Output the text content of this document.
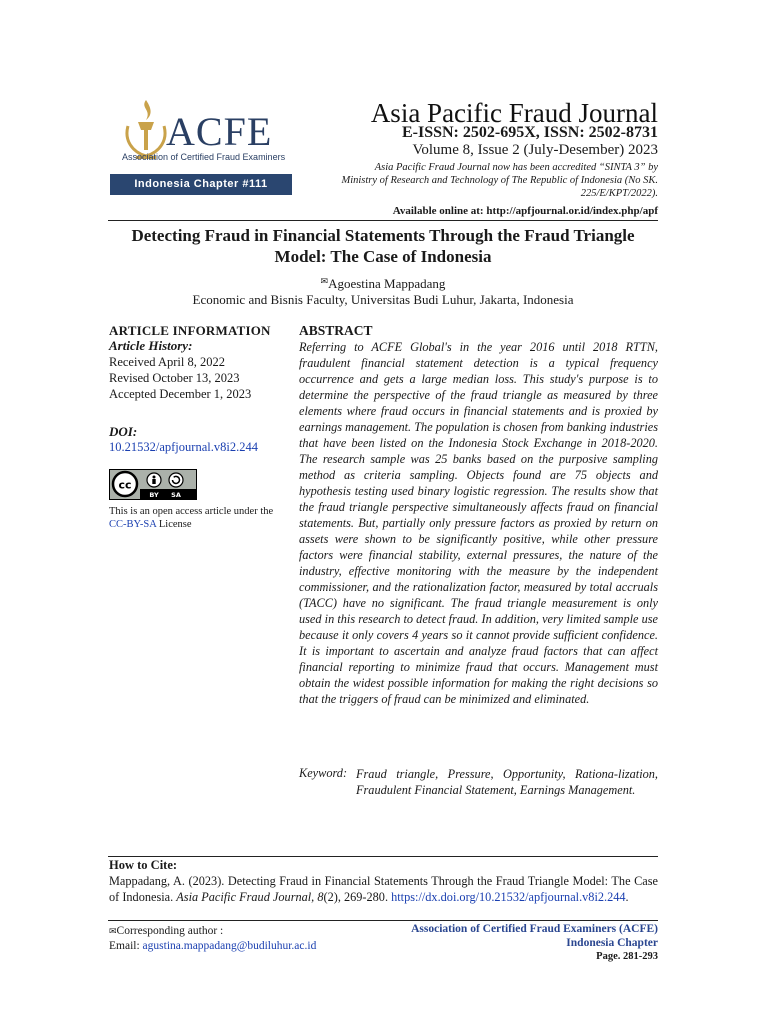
ACFE
Association of Certified Fraud Examiners
Indonesia Chapter #111
Asia Pacific Fraud Journal
E-ISSN: 2502-695X, ISSN: 2502-8731
Volume 8, Issue 2 (July-Desember) 2023
Asia Pacific Fraud Journal now has been accredited “SINTA 3” by Ministry of Research and Technology of The Republic of Indonesia (No SK. 225/E/KPT/2022).
Available online at: http://apfjournal.or.id/index.php/apf
Detecting Fraud in Financial Statements Through the Fraud Triangle Model: The Case of Indonesia
✉Agoestina Mappadang
Economic and Bisnis Faculty, Universitas Budi Luhur, Jakarta, Indonesia
ARTICLE INFORMATION
Article History:
Received April 8, 2022
Revised October 13, 2023
Accepted December 1, 2023
DOI:
10.21532/apfjournal.v8i2.244
cc
BY SA
This is an open access article under the CC-BY-SA License
ABSTRACT
Referring to ACFE Global's in the year 2016 until 2018 RTTN, fraudulent financial statement detection is a typical frequency occurrence and gets a large median loss. This study's purpose is to determine the perspective of the fraud triangle as measured by three elements where fraud occurs in financial statements and is proxied by earnings management. The population is chosen from banking industries that have been listed on the Indonesia Stock Exchange in 2018-2020. The research sample was 25 banks based on the purposive sampling method as criteria sampling. Objects found are 75 objects and hypothesis testing used binary logistic regression. The results show that the fraud triangle perspective simultaneously affects fraud on financial statements. But, partially only pressure factors as proxied by return on assets were shown to be significantly positive, while other pressure factors were financial stability, external pressures, the nature of the industry, effective monitoring with the measure by the independent commissioner, and the rationalization factor, measured by total accruals (TACC) have no significant. The fraud triangle measurement is only used in this research to detect fraud. In addition, very limited sample use because it only covers 4 years so it cannot provide sufficient confidence. It is important to ascertain and analyze fraud factors that can affect financial reporting to minimize fraud that occurs. Management must obtain the widest possible information for making the right decisions so that the triggers of fraud can be minimized and eliminated.
Keyword: Fraud triangle, Pressure, Opportunity, Rationa-lization, Fraudulent Financial Statement, Earnings Management.
How to Cite:
Mappadang, A. (2023). Detecting Fraud in Financial Statements Through the Fraud Triangle Model: The Case of Indonesia. Asia Pacific Fraud Journal, 8(2), 269-280. https://dx.doi.org/10.21532/apfjournal.v8i2.244.
✉Corresponding author :
Email: agustina.mappadang@budiluhur.ac.id
Association of Certified Fraud Examiners (ACFE)
Indonesia Chapter
Page. 281-293
